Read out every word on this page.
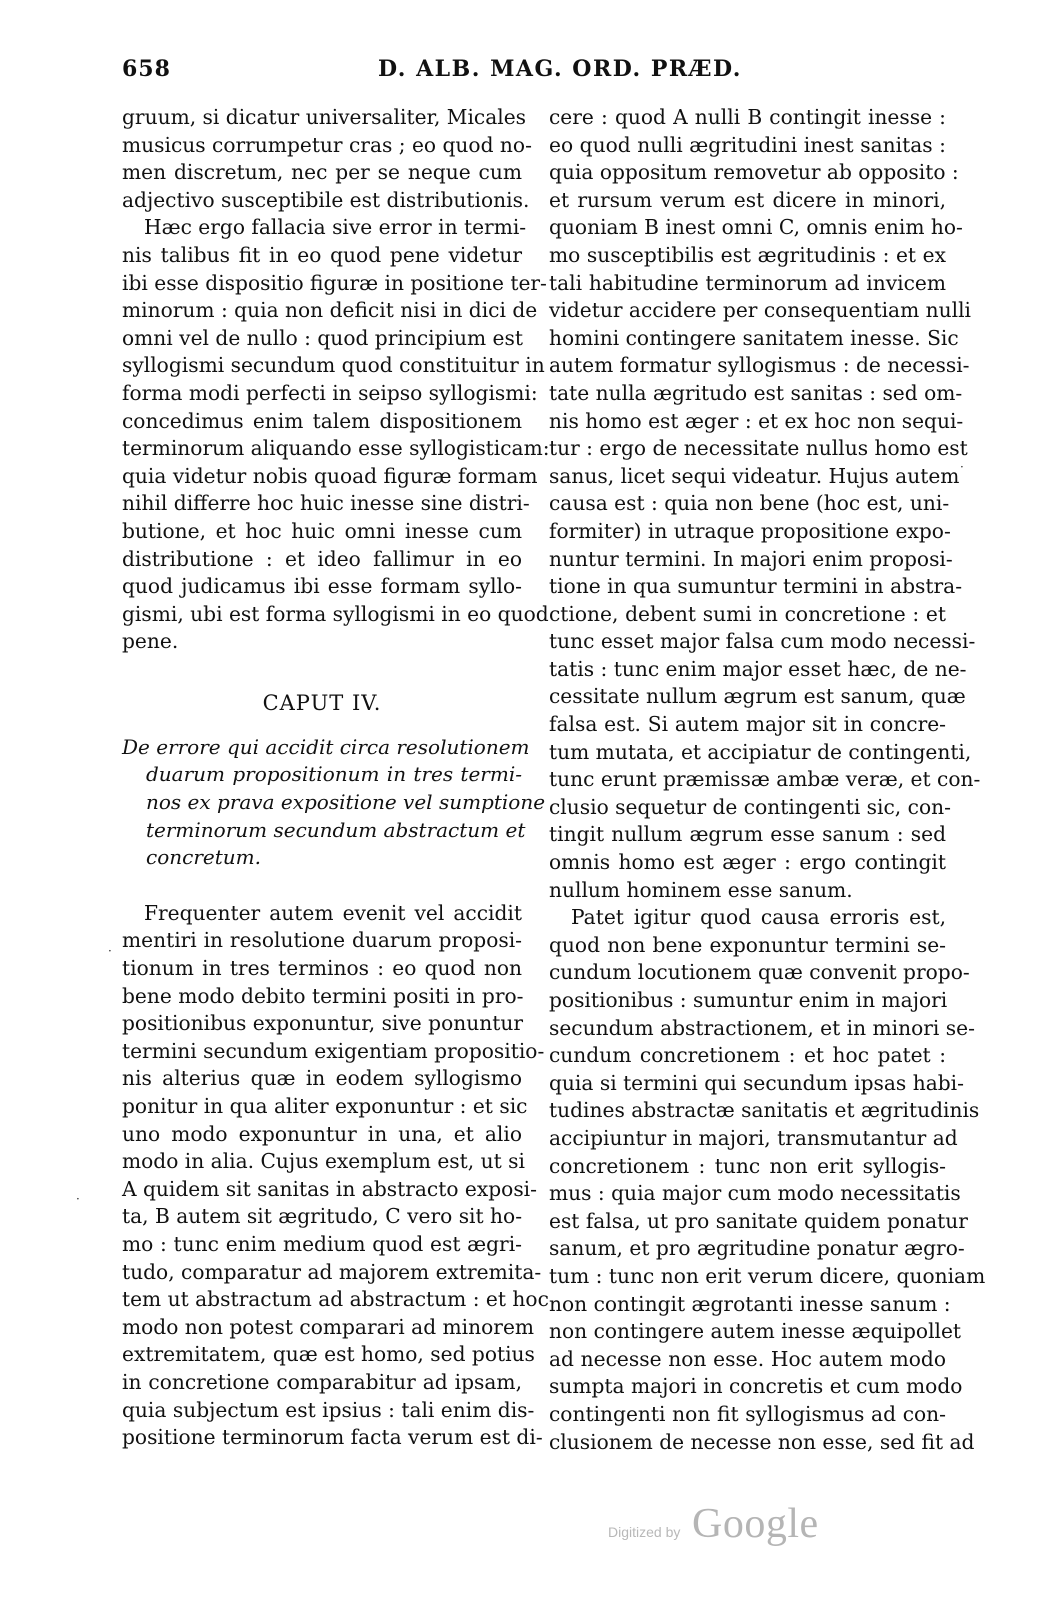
658	D. ALB. MAG. ORD. PRÆD.
gruum, si dicatur universaliter, Micales
musicus corrumpetur cras ; eo quod no-
men discretum, nec per se neque cum
adjectivo susceptibile est distributionis.
Hæc ergo fallacia sive error in termi-
nis talibus fit in eo quod pene videtur
ibi esse dispositio figuræ in positione ter-
minorum : quia non deficit nisi in dici de
omni vel de nullo : quod principium est
syllogismi secundum quod constituitur in
forma modi perfecti in seipso syllogismi:
concedimus enim talem dispositionem
terminorum aliquando esse syllogisticam:
quia videtur nobis quoad figuræ formam
nihil differre hoc huic inesse sine distri-
butione, et hoc huic omni inesse cum
distributione : et ideo fallimur in eo
quod judicamus ibi esse formam syllo-
gismi, ubi est forma syllogismi in eo quod
pene.
CAPUT IV.
De errore qui accidit circa resolutionem
duarum propositionum in tres termi-
nos ex prava expositione vel sumptione
terminorum secundum abstractum et
concretum.
Frequenter autem evenit vel accidit
mentiri in resolutione duarum proposi-
tionum in tres terminos : eo quod non
bene modo debito termini positi in pro-
positionibus exponuntur, sive ponuntur
termini secundum exigentiam propositio-
nis alterius quæ in eodem syllogismo
ponitur in qua aliter exponuntur : et sic
uno modo exponuntur in una, et alio
modo in alia. Cujus exemplum est, ut si
A quidem sit sanitas in abstracto exposi-
ta, B autem sit ægritudo, C vero sit ho-
mo : tunc enim medium quod est ægri-
tudo, comparatur ad majorem extremita-
tem ut abstractum ad abstractum : et hoc
modo non potest comparari ad minorem
extremitatem, quæ est homo, sed potius
in concretione comparabitur ad ipsam,
quia subjectum est ipsius : tali enim dis-
positione terminorum facta verum est di-
cere : quod A nulli B contingit inesse :
eo quod nulli ægritudini inest sanitas :
quia oppositum removetur ab opposito :
et rursum verum est dicere in minori,
quoniam B inest omni C, omnis enim ho-
mo susceptibilis est ægritudinis : et ex
tali habitudine terminorum ad invicem
videtur accidere per consequentiam nulli
homini contingere sanitatem inesse. Sic
autem formatur syllogismus : de necessi-
tate nulla ægritudo est sanitas : sed om-
nis homo est æger : et ex hoc non sequi-
tur : ergo de necessitate nullus homo est
sanus, licet sequi videatur. Hujus autem
causa est : quia non bene (hoc est, uni-
formiter) in utraque propositione expo-
nuntur termini. In majori enim proposi-
tione in qua sumuntur termini in abstra-
ctione, debent sumi in concretione : et
tunc esset major falsa cum modo necessi-
tatis : tunc enim major esset hæc, de ne-
cessitate nullum ægrum est sanum, quæ
falsa est. Si autem major sit in concre-
tum mutata, et accipiatur de contingenti,
tunc erunt præmissæ ambæ veræ, et con-
clusio sequetur de contingenti sic, con-
tingit nullum ægrum esse sanum : sed
omnis homo est æger : ergo contingit
nullum hominem esse sanum.
Patet igitur quod causa erroris est,
quod non bene exponuntur termini se-
cundum locutionem quæ convenit propo-
positionibus : sumuntur enim in majori
secundum abstractionem, et in minori se-
cundum concretionem : et hoc patet :
quia si termini qui secundum ipsas habi-
tudines abstractæ sanitatis et ægritudinis
accipiuntur in majori, transmutantur ad
concretionem : tunc non erit syllogis-
mus : quia major cum modo necessitatis
est falsa, ut pro sanitate quidem ponatur
sanum, et pro ægritudine ponatur ægro-
tum : tunc non erit verum dicere, quoniam
non contingit ægrotanti inesse sanum :
non contingere autem inesse æquipollet
ad necesse non esse. Hoc autem modo
sumpta majori in concretis et cum modo
contingenti non fit syllogismus ad con-
clusionem de necesse non esse, sed fit ad
·
·
·
Digitized by Google
